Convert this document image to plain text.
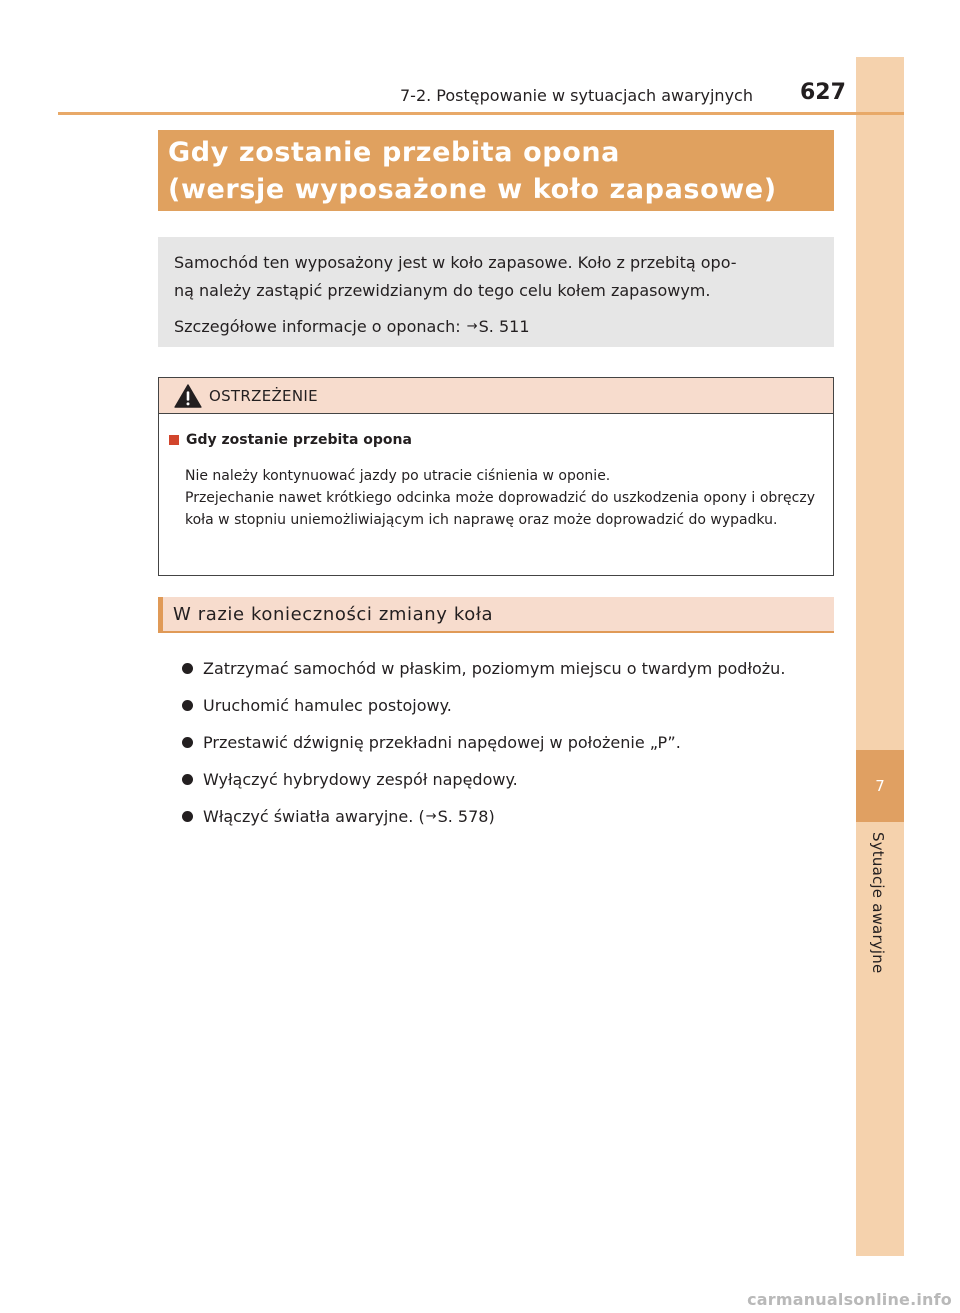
7
Sytuacje awaryjne
7-2. Postępowanie w sytuacjach awaryjnych 627
Gdy zostanie przebita opona
(wersje wyposażone w koło zapasowe)

Samochód ten wyposażony jest w koło zapasowe. Koło z przebitą opo-

ną należy zastąpić przewidzianym do tego celu kołem zapasowym.

Szczegółowe informacje o oponach: →S. 511

OSTRZEŻENIE
Gdy zostanie przebita opona

Nie należy kontynuować jazdy po utracie ciśnienia w oponie.

Przejechanie nawet krótkiego odcinka może doprowadzić do uszkodzenia opony i obręczy koła w stopniu uniemożliwiającym ich naprawę oraz może doprowadzić do wypadku.

W razie konieczności zmiany koła
Zatrzymać samochód w płaskim, poziomym miejscu o twardym podłożu.
Uruchomić hamulec postojowy.
Przestawić dźwignię przekładni napędowej w położenie „P”.
Wyłączyć hybrydowy zespół napędowy.
Włączyć światła awaryjne. ( → S. 578 )
carmanualsonline.info
